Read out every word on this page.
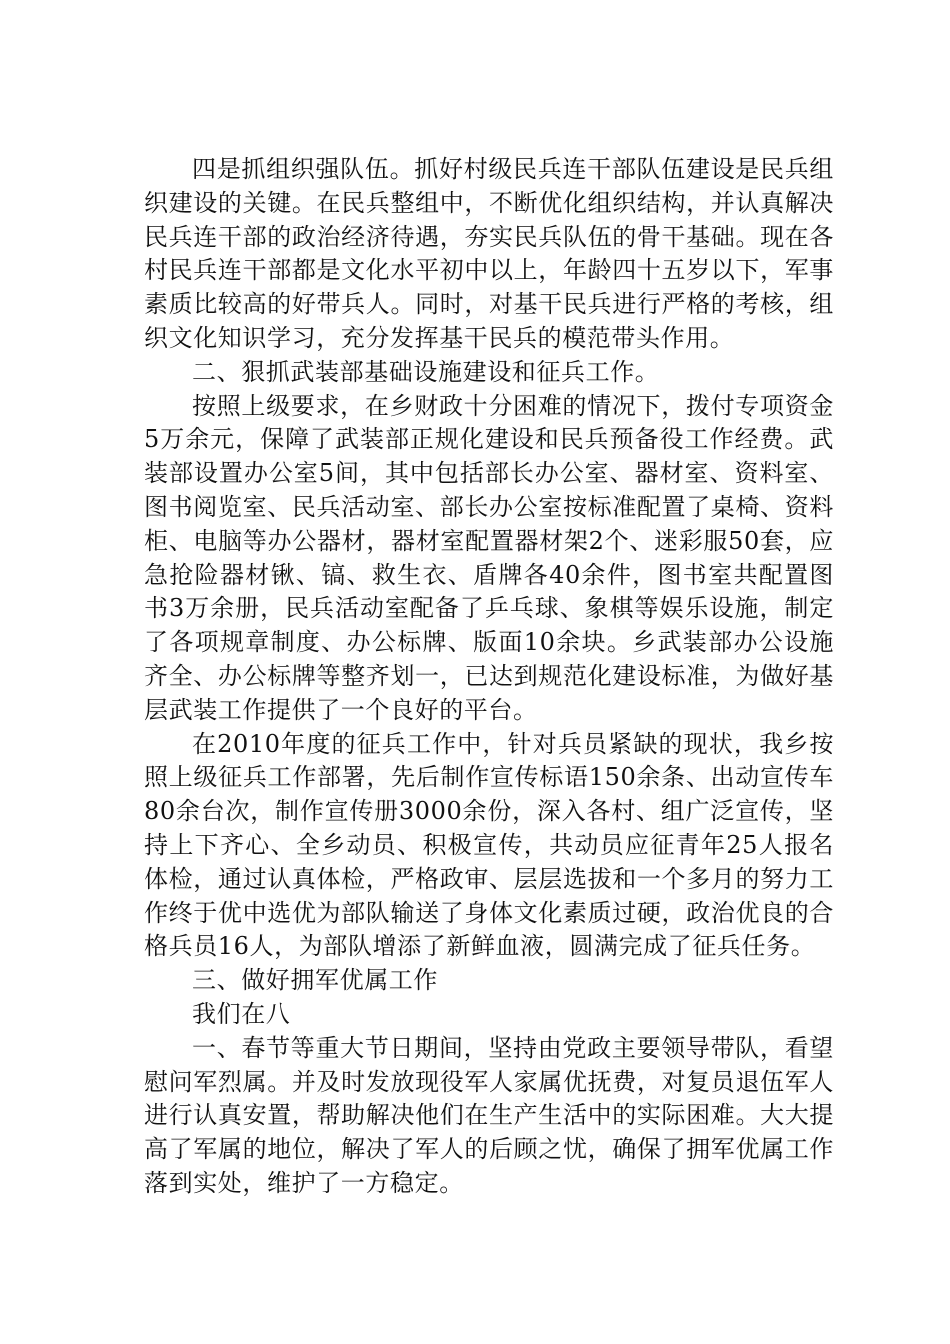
四是抓组织强队伍。抓好村级民兵连干部队伍建设是民兵组织建设的关键。在民兵整组中，不断优化组织结构，并认真解决民兵连干部的政治经济待遇，夯实民兵队伍的骨干基础。现在各村民兵连干部都是文化水平初中以上，年龄四十五岁以下，军事素质比较高的好带兵人。同时，对基干民兵进行严格的考核，组织文化知识学习，充分发挥基干民兵的模范带头作用。

二、狠抓武装部基础设施建设和征兵工作。

按照上级要求，在乡财政十分困难的情况下，拨付专项资金5万余元，保障了武装部正规化建设和民兵预备役工作经费。武装部设置办公室5间，其中包括部长办公室、器材室、资料室、图书阅览室、民兵活动室、部长办公室按标准配置了桌椅、资料柜、电脑等办公器材，器材室配置器材架2个、迷彩服50套，应急抢险器材锹、镐、救生衣、盾牌各40余件，图书室共配置图书3万余册，民兵活动室配备了乒乓球、象棋等娱乐设施，制定了各项规章制度、办公标牌、版面10余块。乡武装部办公设施齐全、办公标牌等整齐划一，已达到规范化建设标准，为做好基层武装工作提供了一个良好的平台。

在2010年度的征兵工作中，针对兵员紧缺的现状，我乡按照上级征兵工作部署，先后制作宣传标语150余条、出动宣传车80余台次，制作宣传册3000余份，深入各村、组广泛宣传，坚持上下齐心、全乡动员、积极宣传，共动员应征青年25人报名体检，通过认真体检，严格政审、层层选拔和一个多月的努力工作终于优中选优为部队输送了身体文化素质过硬，政治优良的合格兵员16人，为部队增添了新鲜血液，圆满完成了征兵任务。

三、做好拥军优属工作

我们在八

一、春节等重大节日期间，坚持由党政主要领导带队，看望慰问军烈属。并及时发放现役军人家属优抚费，对复员退伍军人进行认真安置，帮助解决他们在生产生活中的实际困难。大大提高了军属的地位，解决了军人的后顾之忧，确保了拥军优属工作落到实处，维护了一方稳定。
